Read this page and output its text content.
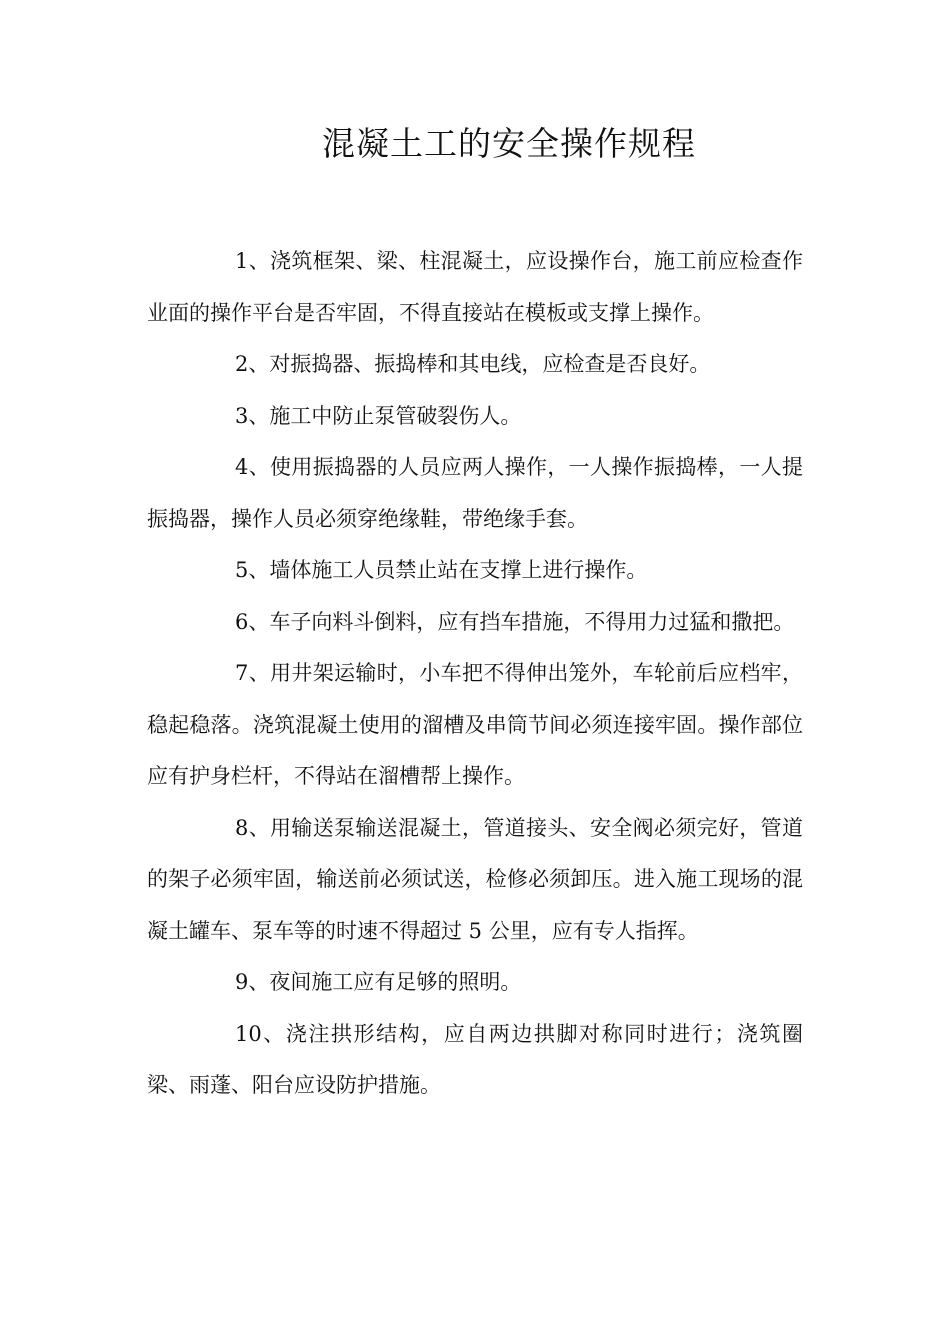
混凝土工的安全操作规程

1、浇筑框架、梁、柱混凝土，应设操作台，施工前应检查作业面的操作平台是否牢固，不得直接站在模板或支撑上操作。

2、对振捣器、振捣棒和其电线，应检查是否良好。

3、施工中防止泵管破裂伤人。

4、使用振捣器的人员应两人操作，一人操作振捣棒，一人提振捣器，操作人员必须穿绝缘鞋，带绝缘手套。

5、墙体施工人员禁止站在支撑上进行操作。

6、车子向料斗倒料，应有挡车措施，不得用力过猛和撒把。

7、用井架运输时，小车把不得伸出笼外，车轮前后应档牢，稳起稳落。浇筑混凝土使用的溜槽及串筒节间必须连接牢固。操作部位应有护身栏杆，不得站在溜槽帮上操作。

8、用输送泵输送混凝土，管道接头、安全阀必须完好，管道的架子必须牢固，输送前必须试送，检修必须卸压。进入施工现场的混凝土罐车、泵车等的时速不得超过 5 公里，应有专人指挥。

9、夜间施工应有足够的照明。

10、浇注拱形结构，应自两边拱脚对称同时进行；浇筑圈梁、雨蓬、阳台应设防护措施。
